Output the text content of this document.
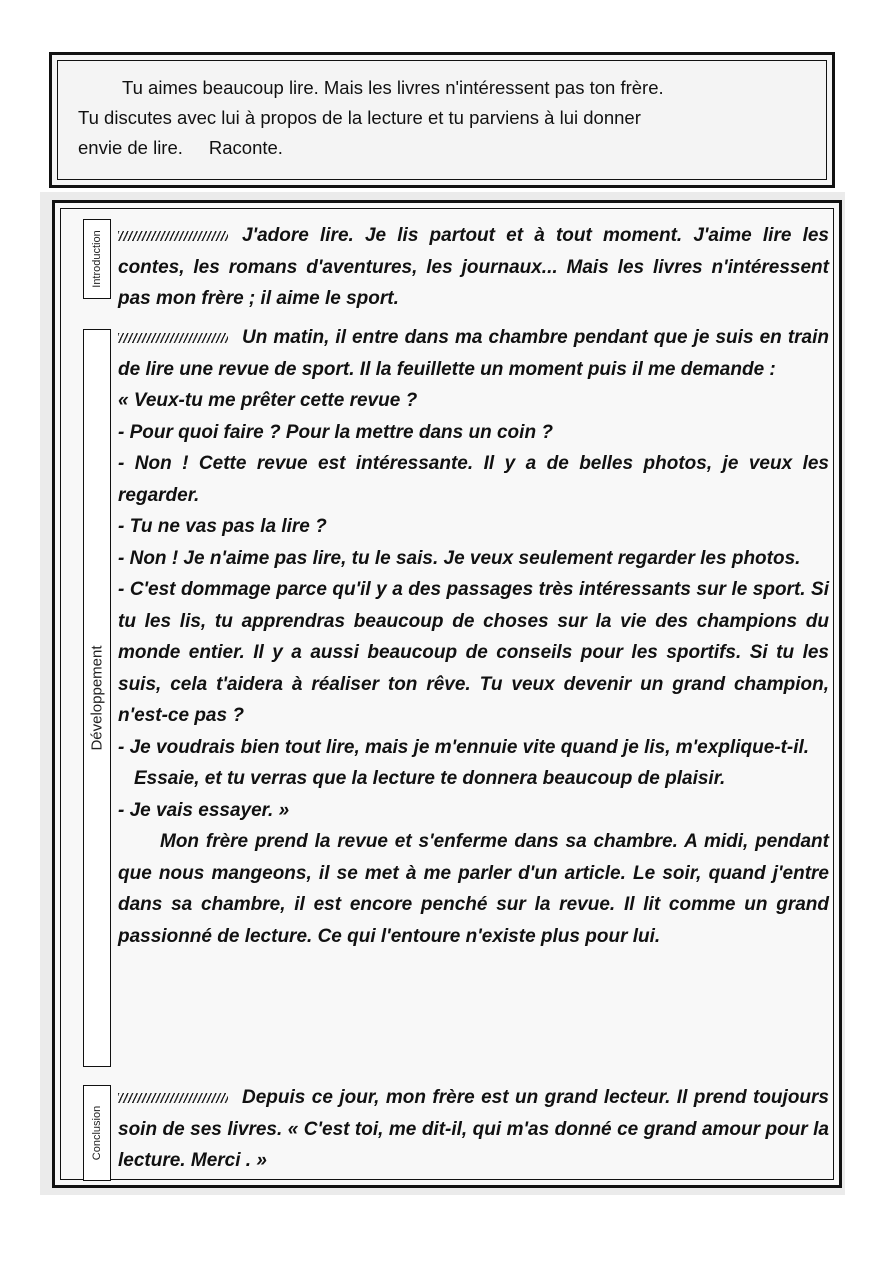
Tu aimes beaucoup lire. Mais les livres n'intéressent pas ton frère.

Tu discutes avec lui à propos de la lecture et tu parviens à lui donner

envie de lire. Raconte.

Introduction
Développement
Conclusion

J'adore lire. Je lis partout et à tout moment. J'aime lire les contes, les romans d'aventures, les journaux... Mais les livres n'intéressent pas mon frère ; il aime le sport.

Un matin, il entre dans ma chambre pendant que je suis en train de lire une revue de sport. Il la feuillette un moment puis il me demande :

« Veux-tu me prêter cette revue ?

- Pour quoi faire ? Pour la mettre dans un coin ?

- Non ! Cette revue est intéressante. Il y a de belles photos, je veux les regarder.

- Tu ne vas pas la lire ?

- Non ! Je n'aime pas lire, tu le sais. Je veux seulement regarder les photos.

- C'est dommage parce qu'il y a des passages très intéressants sur le sport. Si tu les lis, tu apprendras beaucoup de choses sur la vie des champions du monde entier. Il y a aussi beaucoup de conseils pour les sportifs. Si tu les suis, cela t'aidera à réaliser ton rêve. Tu veux devenir un grand champion, n'est-ce pas ?

- Je voudrais bien tout lire, mais je m'ennuie vite quand je lis, m'explique-t-il.

Essaie, et tu verras que la lecture te donnera beaucoup de plaisir.

- Je vais essayer. »

Mon frère prend la revue et s'enferme dans sa chambre. A midi, pendant que nous mangeons, il se met à me parler d'un article. Le soir, quand j'entre dans sa chambre, il est encore penché sur la revue. Il lit comme un grand passionné de lecture. Ce qui l'entoure n'existe plus pour lui.

Depuis ce jour, mon frère est un grand lecteur. Il prend toujours soin de ses livres. « C'est toi, me dit-il, qui m'as donné ce grand amour pour la lecture. Merci . »
